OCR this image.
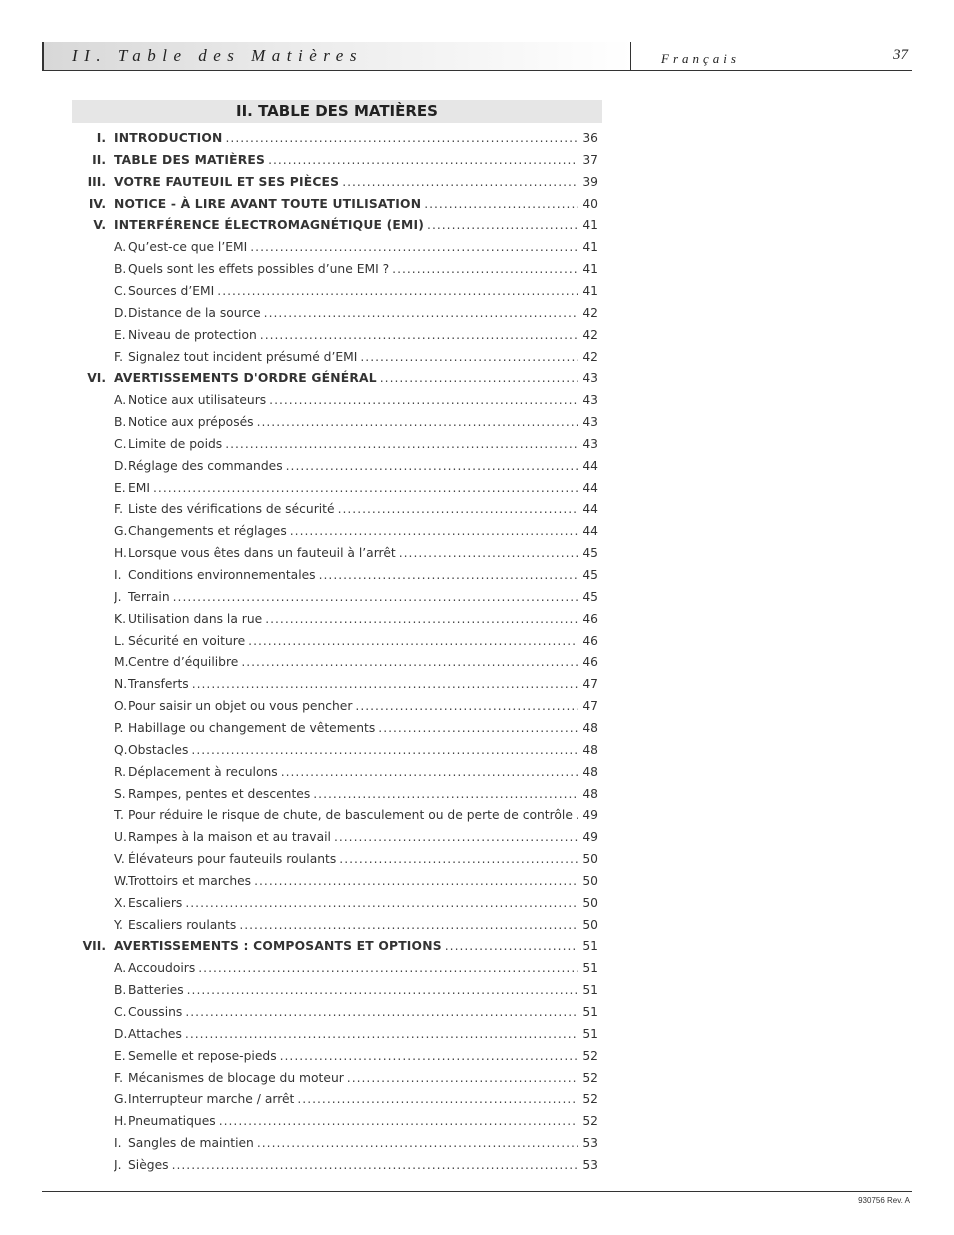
II. Table des Matières	Français	37
II. TABLE DES MATIÈRES
I. INTRODUCTION .....	36
II. TABLE DES MATIÈRES .....	37
III. VOTRE FAUTEUIL ET SES PIÈCES .....	39
IV. NOTICE - À LIRE AVANT TOUTE UTILISATION .....	40
V. INTERFÉRENCE ÉLECTROMAGNÉTIQUE (EMI) .....	41
A. Qu’est-ce que l’EMI .....	41
B. Quels sont les effets possibles d’une EMI ? .....	41
C. Sources d’EMI .....	41
D. Distance de la source .....	42
E. Niveau de protection .....	42
F. Signalez tout incident présumé d’EMI .....	42
VI. AVERTISSEMENTS D'ORDRE GÉNÉRAL .....	43
A. Notice aux utilisateurs .....	43
B. Notice aux préposés .....	43
C. Limite de poids .....	43
D. Réglage des commandes .....	44
E. EMI .....	44
F. Liste des vérifications de sécurité .....	44
G. Changements et réglages .....	44
H. Lorsque vous êtes dans un fauteuil à l’arrêt .....	45
I. Conditions environnementales .....	45
J. Terrain .....	45
K. Utilisation dans la rue .....	46
L. Sécurité en voiture .....	46
M. Centre d’équilibre .....	46
N. Transferts .....	47
O. Pour saisir un objet ou vous pencher .....	47
P. Habillage ou changement de vêtements .....	48
Q. Obstacles .....	48
R. Déplacement à reculons .....	48
S. Rampes, pentes et descentes .....	48
T. Pour réduire le risque de chute, de basculement ou de perte de contrôle ..... 49
U. Rampes à la maison et au travail .....	49
V. Élévateurs pour fauteuils roulants .....	50
W. Trottoirs et marches .....	50
X. Escaliers .....	50
Y. Escaliers roulants .....	50
VII. AVERTISSEMENTS : COMPOSANTS ET OPTIONS .....	51
A. Accoudoirs .....	51
B. Batteries .....	51
C. Coussins .....	51
D. Attaches .....	51
E. Semelle et repose-pieds .....	52
F. Mécanismes de blocage du moteur .....	52
G. Interrupteur marche / arrêt .....	52
H. Pneumatiques .....	52
I. Sangles de maintien .....	53
J. Sièges .....	53
930756 Rev. A
